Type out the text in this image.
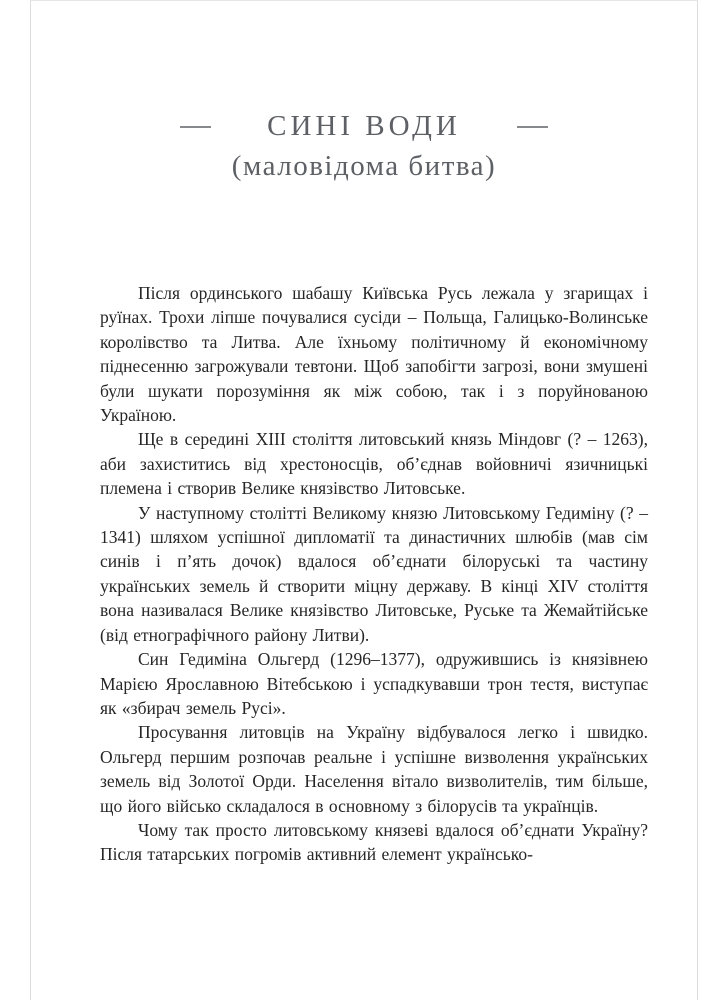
СИНІ ВОДИ
(маловідома битва)

Після ординського шабашу Київська Русь лежала у згарищах і руїнах. Трохи ліпше почувалися сусіди – Польща, Галицько-Волинське королівство та Литва. Але їхньому політичному й економічному піднесенню загрожували тевтони. Щоб запобігти загрозі, вони змушені були шукати порозуміння як між собою, так і з поруйнованою Україною.

Ще в середині XIII століття литовський князь Міндовг (? – 1263), аби захиститись від хрестоносців, об’єднав войовничі язичницькі племена і створив Велике князівство Литовське.

У наступному столітті Великому князю Литовському Гедиміну (? – 1341) шляхом успішної дипломатії та династичних шлюбів (мав сім синів і п’ять дочок) вдалося об’єднати білоруські та частину українських земель й створити міцну державу. В кінці XIV століття вона називалася Велике князівство Литовське, Руське та Жемайтійське (від етнографічного району Литви).

Син Гедиміна Ольгерд (1296–1377), одружившись із князівнею Марією Ярославною Вітебською і успадкувавши трон тестя, виступає як «збирач земель Русі».

Просування литовців на Україну відбувалося легко і швидко. Ольгерд першим розпочав реальне і успішне визволення українських земель від Золотої Орди. Населення вітало визволителів, тим більше, що його військо складалося в основному з білорусів та українців.

Чому так просто литовському князеві вдалося об’єднати Україну? Після татарських погромів активний елемент українсько-
